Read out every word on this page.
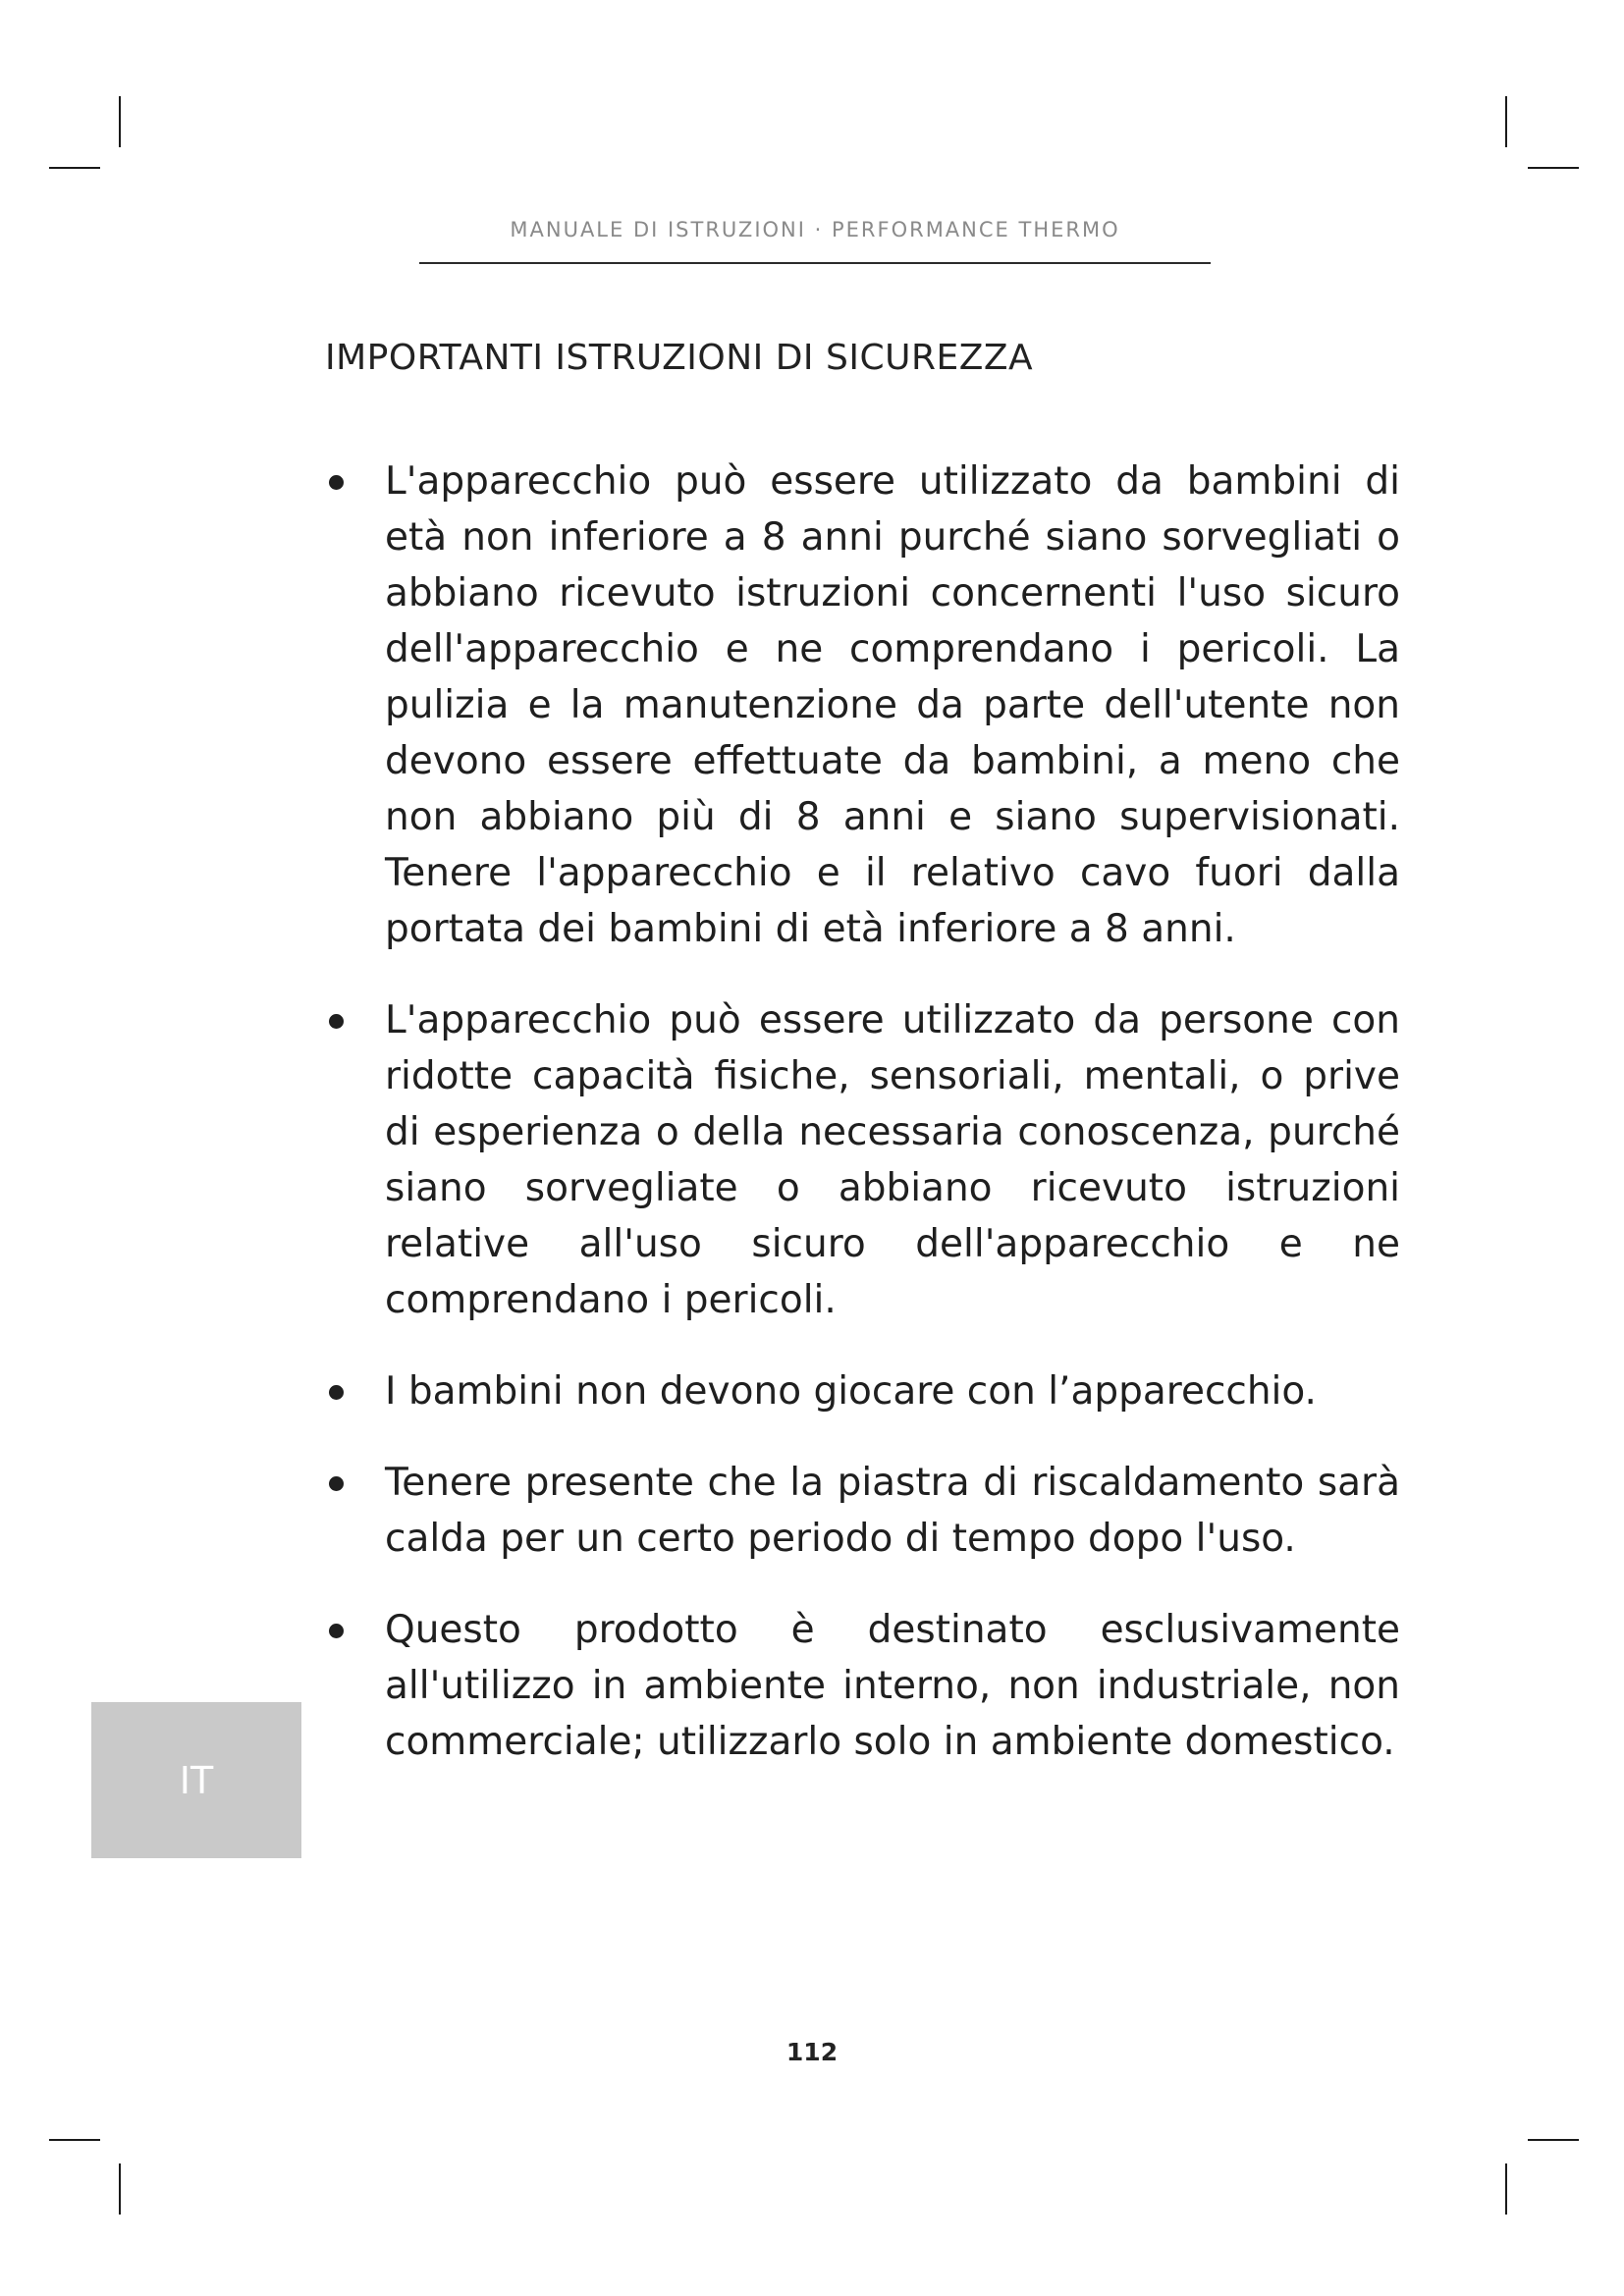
MANUALE DI ISTRUZIONI · PERFORMANCE THERMO
IMPORTANTI ISTRUZIONI DI SICUREZZA
L'apparecchio può essere utilizzato da bambini di età non inferiore a 8 anni purché siano sorvegliati o abbiano ricevuto istruzioni concernenti l'uso sicuro dell'apparecchio e ne comprendano i pericoli. La pulizia e la manutenzione da parte dell'utente non devono essere effettuate da bambini, a meno che non abbiano più di 8 anni e siano supervisionati. Tenere l'apparecchio e il relativo cavo fuori dalla portata dei bambini di età inferiore a 8 anni.
L'apparecchio può essere utilizzato da persone con ridotte capacità fisiche, sensoriali, mentali, o prive di esperienza o della necessaria conoscenza, purché siano sorvegliate o abbiano ricevuto istruzioni relative all'uso sicuro dell'apparecchio e ne comprendano i pericoli.
I bambini non devono giocare con l’apparecchio.
Tenere presente che la piastra di riscaldamento sarà calda per un certo periodo di tempo dopo l'uso.
Questo prodotto è destinato esclusivamente all'utilizzo in ambiente interno, non industriale, non commerciale; utilizzarlo solo in ambiente domestico.
IT
112
